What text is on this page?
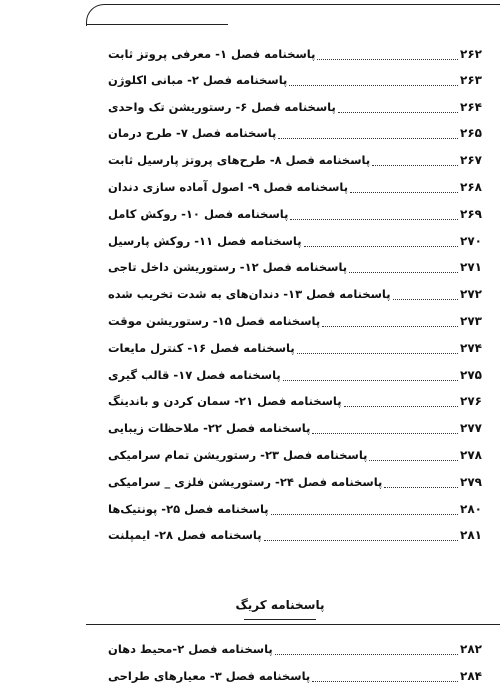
پاسخنامه فصل ۱- معرفی پروتز ثابت	۲۶۲
پاسخنامه فصل ۲- مبانی اکلوژن	۲۶۳
پاسخنامه فصل ۶- رستوریشن تک واحدی	۲۶۴
پاسخنامه فصل ۷- طرح درمان	۲۶۵
پاسخنامه فصل ۸- طرح‌های پروتز پارسیل ثابت	۲۶۷
پاسخنامه فصل ۹- اصول آماده سازی دندان	۲۶۸
پاسخنامه فصل ۱۰- روکش کامل	۲۶۹
پاسخنامه فصل ۱۱- روکش پارسیل	۲۷۰
پاسخنامه فصل ۱۲- رستوریشن داخل تاجی	۲۷۱
پاسخنامه فصل ۱۳- دندان‌های به شدت تخریب شده	۲۷۲
پاسخنامه فصل ۱۵- رستوریشن موقت	۲۷۳
پاسخنامه فصل ۱۶- کنترل مایعات	۲۷۴
پاسخنامه فصل ۱۷- قالب گیری	۲۷۵
پاسخنامه فصل ۲۱- سمان کردن و باندینگ	۲۷۶
پاسخنامه فصل ۲۲- ملاحظات زیبایی	۲۷۷
پاسخنامه فصل ۲۳- رستوریشن تمام سرامیکی	۲۷۸
پاسخنامه فصل ۲۴- رستوریشن فلزی _ سرامیکی	۲۷۹
پاسخنامه فصل ۲۵- پونتیک‌ها	۲۸۰
پاسخنامه فصل ۲۸- ایمپلنت	۲۸۱
پاسخنامه کریگ
پاسخنامه فصل ۲-محیط دهان	۲۸۲
پاسخنامه فصل ۳- معیارهای طراحی	۲۸۴
